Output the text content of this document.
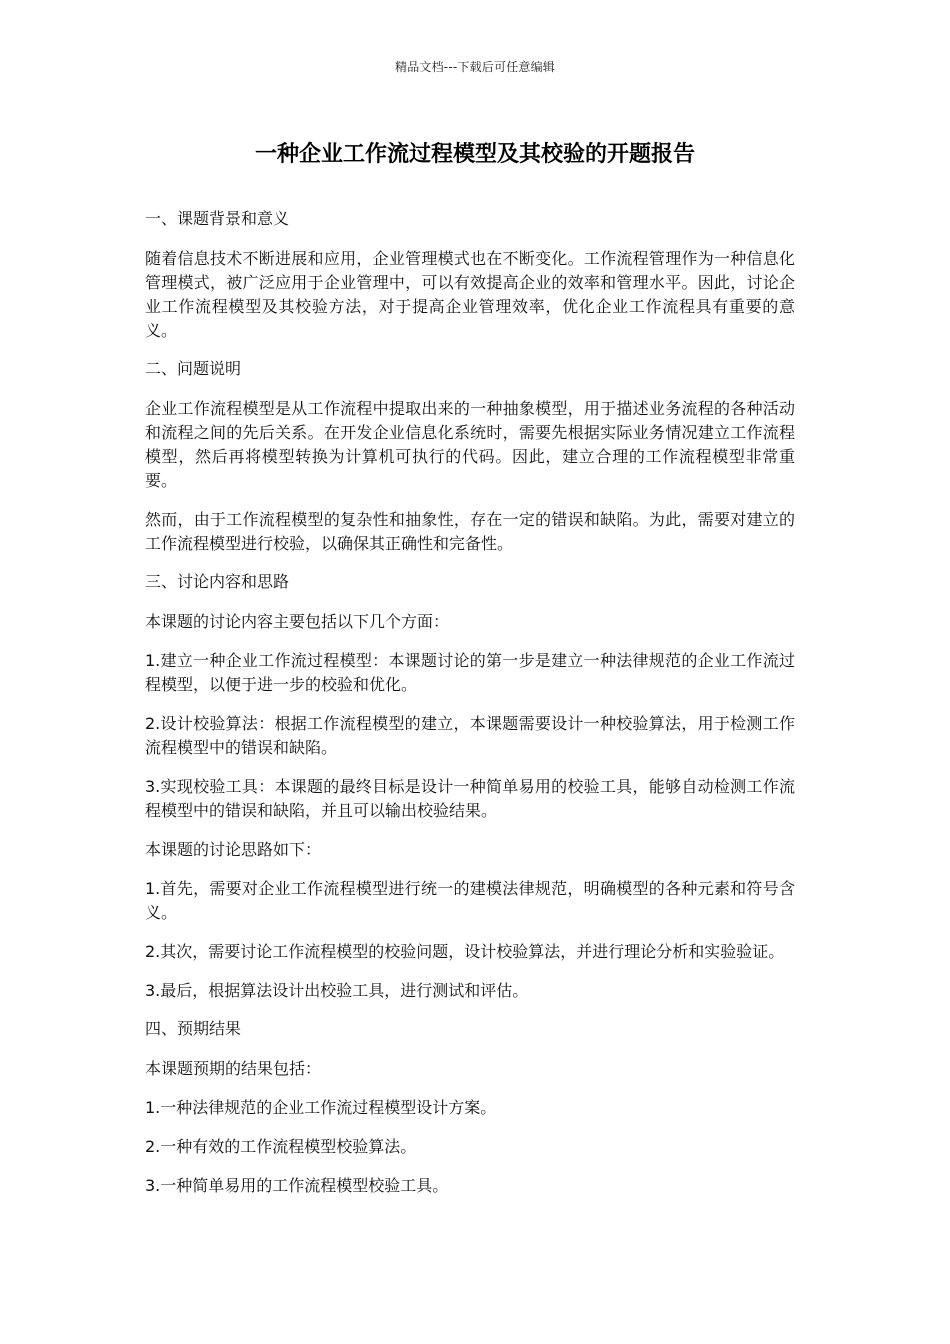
精品文档---下载后可任意编辑
一种企业工作流过程模型及其校验的开题报告
一、课题背景和意义

随着信息技术不断进展和应用，企业管理模式也在不断变化。工作流程管理作为一种信息化管理模式，被广泛应用于企业管理中，可以有效提高企业的效率和管理水平。因此，讨论企业工作流程模型及其校验方法，对于提高企业管理效率，优化企业工作流程具有重要的意义。

二、问题说明

企业工作流程模型是从工作流程中提取出来的一种抽象模型，用于描述业务流程的各种活动和流程之间的先后关系。在开发企业信息化系统时，需要先根据实际业务情况建立工作流程模型，然后再将模型转换为计算机可执行的代码。因此，建立合理的工作流程模型非常重要。

然而，由于工作流程模型的复杂性和抽象性，存在一定的错误和缺陷。为此，需要对建立的工作流程模型进行校验，以确保其正确性和完备性。

三、讨论内容和思路

本课题的讨论内容主要包括以下几个方面：

1.建立一种企业工作流过程模型：本课题讨论的第一步是建立一种法律规范的企业工作流过程模型，以便于进一步的校验和优化。

2.设计校验算法：根据工作流程模型的建立，本课题需要设计一种校验算法，用于检测工作流程模型中的错误和缺陷。

3.实现校验工具：本课题的最终目标是设计一种简单易用的校验工具，能够自动检测工作流程模型中的错误和缺陷，并且可以输出校验结果。

本课题的讨论思路如下：

1.首先，需要对企业工作流程模型进行统一的建模法律规范，明确模型的各种元素和符号含义。

2.其次，需要讨论工作流程模型的校验问题，设计校验算法，并进行理论分析和实验验证。

3.最后，根据算法设计出校验工具，进行测试和评估。

四、预期结果

本课题预期的结果包括：

1.一种法律规范的企业工作流过程模型设计方案。

2.一种有效的工作流程模型校验算法。

3.一种简单易用的工作流程模型校验工具。
